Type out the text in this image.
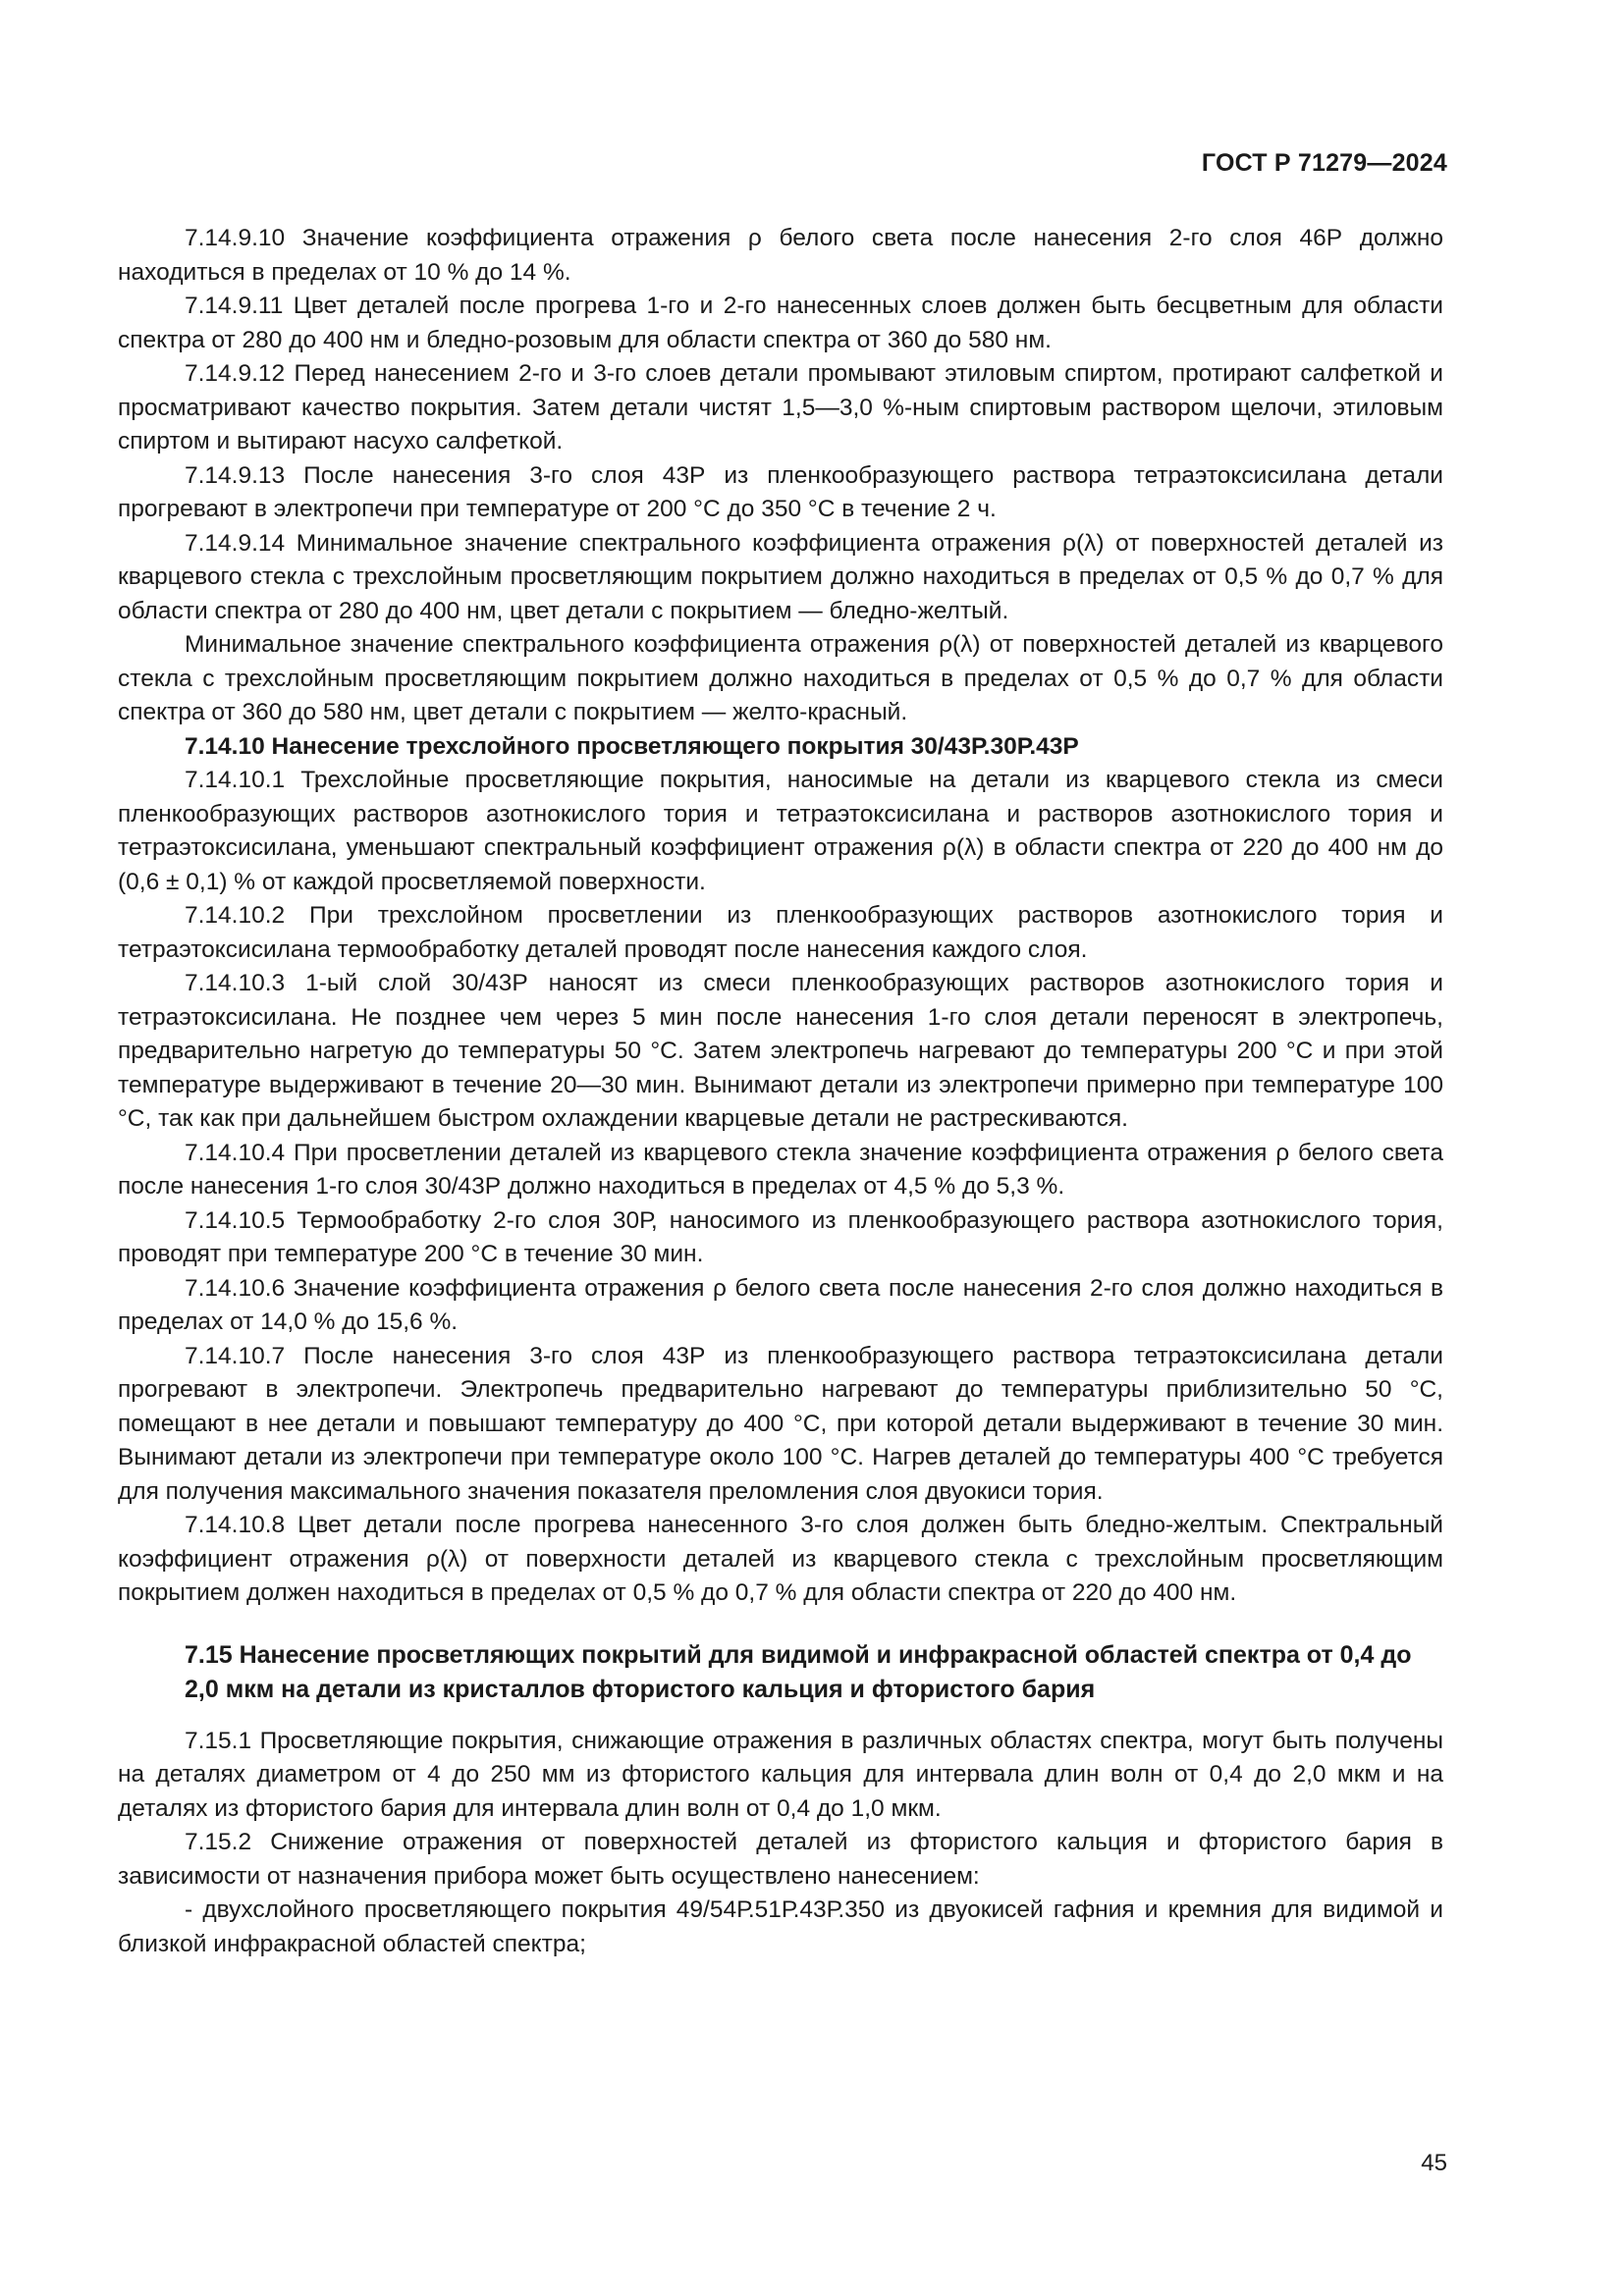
ГОСТ Р 71279—2024

7.14.9.10 Значение коэффициента отражения ρ белого света после нанесения 2-го слоя 46Р должно находиться в пределах от 10 % до 14 %.

7.14.9.11 Цвет деталей после прогрева 1-го и 2-го нанесенных слоев должен быть бесцветным для области спектра от 280 до 400 нм и бледно-розовым для области спектра от 360 до 580 нм.

7.14.9.12 Перед нанесением 2-го и 3-го слоев детали промывают этиловым спиртом, протирают салфеткой и просматривают качество покрытия. Затем детали чистят 1,5—3,0 %-ным спиртовым раствором щелочи, этиловым спиртом и вытирают насухо салфеткой.

7.14.9.13 После нанесения 3-го слоя 43Р из пленкообразующего раствора тетраэтоксисилана детали прогревают в электропечи при температуре от 200 °С до 350 °С в течение 2 ч.

7.14.9.14 Минимальное значение спектрального коэффициента отражения ρ(λ) от поверхностей деталей из кварцевого стекла с трехслойным просветляющим покрытием должно находиться в пределах от 0,5 % до 0,7 % для области спектра от 280 до 400 нм, цвет детали с покрытием — бледно-желтый.

Минимальное значение спектрального коэффициента отражения ρ(λ) от поверхностей деталей из кварцевого стекла с трехслойным просветляющим покрытием должно находиться в пределах от 0,5 % до 0,7 % для области спектра от 360 до 580 нм, цвет детали с покрытием — желто-красный.

7.14.10 Нанесение трехслойного просветляющего покрытия 30/43Р.30Р.43Р

7.14.10.1 Трехслойные просветляющие покрытия, наносимые на детали из кварцевого стекла из смеси пленкообразующих растворов азотнокислого тория и тетраэтоксисилана и растворов азотнокислого тория и тетраэтоксисилана, уменьшают спектральный коэффициент отражения ρ(λ) в области спектра от 220 до 400 нм до (0,6 ± 0,1) % от каждой просветляемой поверхности.

7.14.10.2 При трехслойном просветлении из пленкообразующих растворов азотнокислого тория и тетраэтоксисилана термообработку деталей проводят после нанесения каждого слоя.

7.14.10.3 1-ый слой 30/43Р наносят из смеси пленкообразующих растворов азотнокислого тория и тетраэтоксисилана. Не позднее чем через 5 мин после нанесения 1-го слоя детали переносят в электропечь, предварительно нагретую до температуры 50 °С. Затем электропечь нагревают до температуры 200 °С и при этой температуре выдерживают в течение 20—30 мин. Вынимают детали из электропечи примерно при температуре 100 °С, так как при дальнейшем быстром охлаждении кварцевые детали не растрескиваются.

7.14.10.4 При просветлении деталей из кварцевого стекла значение коэффициента отражения ρ белого света после нанесения 1-го слоя 30/43Р должно находиться в пределах от 4,5 % до 5,3 %.

7.14.10.5 Термообработку 2-го слоя 30Р, наносимого из пленкообразующего раствора азотнокислого тория, проводят при температуре 200 °С в течение 30 мин.

7.14.10.6 Значение коэффициента отражения ρ белого света после нанесения 2-го слоя должно находиться в пределах от 14,0 % до 15,6 %.

7.14.10.7 После нанесения 3-го слоя 43Р из пленкообразующего раствора тетраэтоксисилана детали прогревают в электропечи. Электропечь предварительно нагревают до температуры приблизительно 50 °С, помещают в нее детали и повышают температуру до 400 °С, при которой детали выдерживают в течение 30 мин. Вынимают детали из электропечи при температуре около 100 °С. Нагрев деталей до температуры 400 °С требуется для получения максимального значения показателя преломления слоя двуокиси тория.

7.14.10.8 Цвет детали после прогрева нанесенного 3-го слоя должен быть бледно-желтым. Спектральный коэффициент отражения ρ(λ) от поверхности деталей из кварцевого стекла с трехслойным просветляющим покрытием должен находиться в пределах от 0,5 % до 0,7 % для области спектра от 220 до 400 нм.

7.15 Нанесение просветляющих покрытий для видимой и инфракрасной областей спектра от 0,4 до 2,0 мкм на детали из кристаллов фтористого кальция и фтористого бария

7.15.1 Просветляющие покрытия, снижающие отражения в различных областях спектра, могут быть получены на деталях диаметром от 4 до 250 мм из фтористого кальция для интервала длин волн от 0,4 до 2,0 мкм и на деталях из фтористого бария для интервала длин волн от 0,4 до 1,0 мкм.

7.15.2 Снижение отражения от поверхностей деталей из фтористого кальция и фтористого бария в зависимости от назначения прибора может быть осуществлено нанесением:

- двухслойного просветляющего покрытия 49/54Р.51Р.43Р.350 из двуокисей гафния и кремния для видимой и близкой инфракрасной областей спектра;

45
